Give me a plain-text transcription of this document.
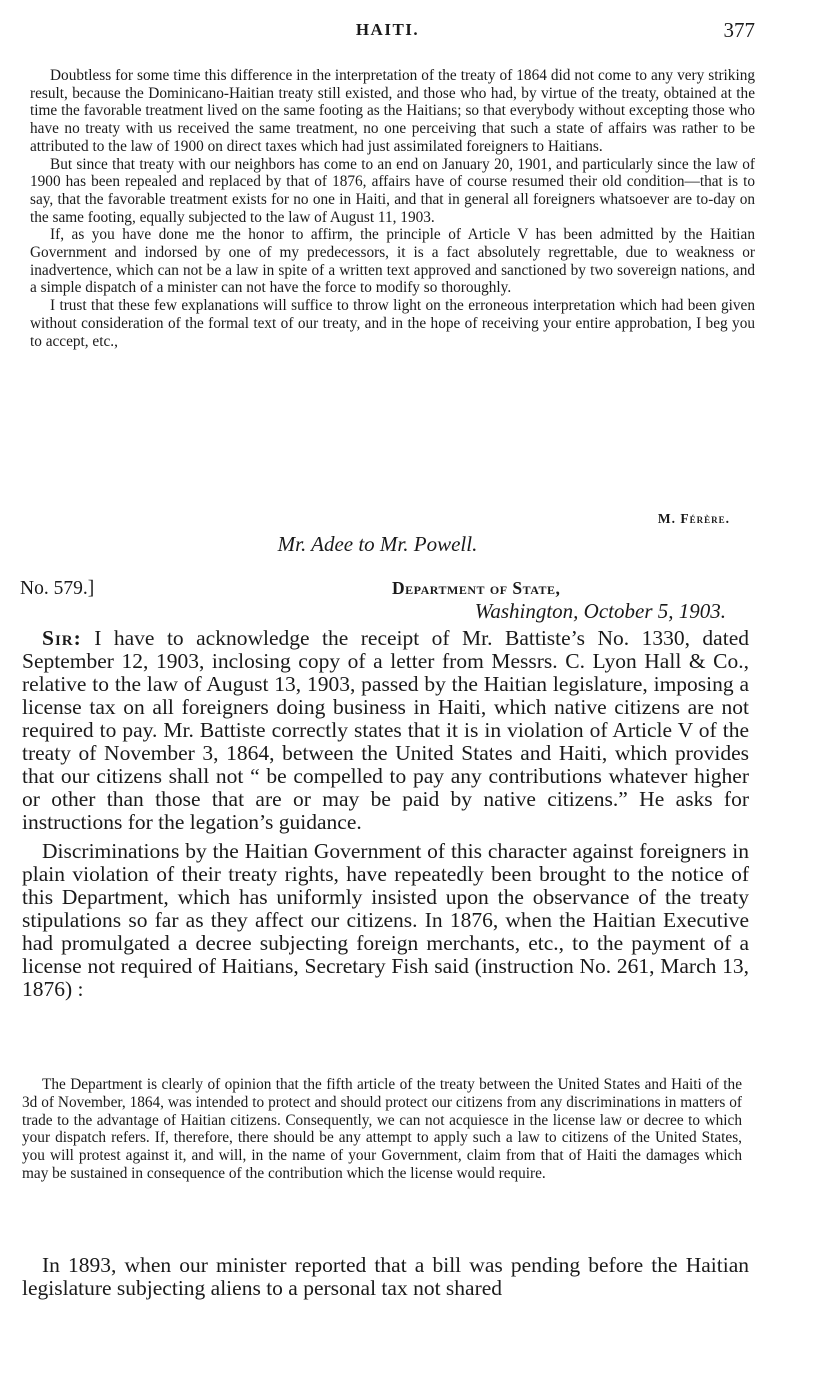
HAITI.	377

Doubtless for some time this difference in the interpretation of the treaty of 1864 did not come to any very striking result, because the Dominicano-Haitian treaty still existed, and those who had, by virtue of the treaty, obtained at the time the favorable treatment lived on the same footing as the Haitians; so that everybody without excepting those who have no treaty with us received the same treatment, no one perceiving that such a state of affairs was rather to be attributed to the law of 1900 on direct taxes which had just assimilated foreigners to Haitians.

But since that treaty with our neighbors has come to an end on January 20, 1901, and particularly since the law of 1900 has been repealed and replaced by that of 1876, affairs have of course resumed their old condition—that is to say, that the favorable treatment exists for no one in Haiti, and that in general all foreigners whatsoever are to-day on the same footing, equally subjected to the law of August 11, 1903.

If, as you have done me the honor to affirm, the principle of Article V has been admitted by the Haitian Government and indorsed by one of my predecessors, it is a fact absolutely regrettable, due to weakness or inadvertence, which can not be a law in spite of a written text approved and sanctioned by two sovereign nations, and a simple dispatch of a minister can not have the force to modify so thoroughly.

I trust that these few explanations will suffice to throw light on the erroneous interpretation which had been given without consideration of the formal text of our treaty, and in the hope of receiving your entire approbation, I beg you to accept, etc.,

M. Férère.
Mr. Adee to Mr. Powell.
No. 579.]	Department of State,
Washington, October 5, 1903.

Sir: I have to acknowledge the receipt of Mr. Battiste’s No. 1330, dated September 12, 1903, inclosing copy of a letter from Messrs. C. Lyon Hall & Co., relative to the law of August 13, 1903, passed by the Haitian legislature, imposing a license tax on all foreigners doing business in Haiti, which native citizens are not required to pay. Mr. Battiste correctly states that it is in violation of Article V of the treaty of November 3, 1864, between the United States and Haiti, which provides that our citizens shall not “ be compelled to pay any contributions whatever higher or other than those that are or may be paid by native citizens.” He asks for instructions for the legation’s guidance.

Discriminations by the Haitian Government of this character against foreigners in plain violation of their treaty rights, have repeatedly been brought to the notice of this Department, which has uniformly insisted upon the observance of the treaty stipulations so far as they affect our citizens. In 1876, when the Haitian Executive had promulgated a decree subjecting foreign merchants, etc., to the payment of a license not required of Haitians, Secretary Fish said (instruction No. 261, March 13, 1876) :

The Department is clearly of opinion that the fifth article of the treaty between the United States and Haiti of the 3d of November, 1864, was intended to protect and should protect our citizens from any discriminations in matters of trade to the advantage of Haitian citizens. Consequently, we can not acquiesce in the license law or decree to which your dispatch refers. If, therefore, there should be any attempt to apply such a law to citizens of the United States, you will protest against it, and will, in the name of your Government, claim from that of Haiti the damages which may be sustained in consequence of the contribution which the license would require.

In 1893, when our minister reported that a bill was pending before the Haitian legislature subjecting aliens to a personal tax not shared
